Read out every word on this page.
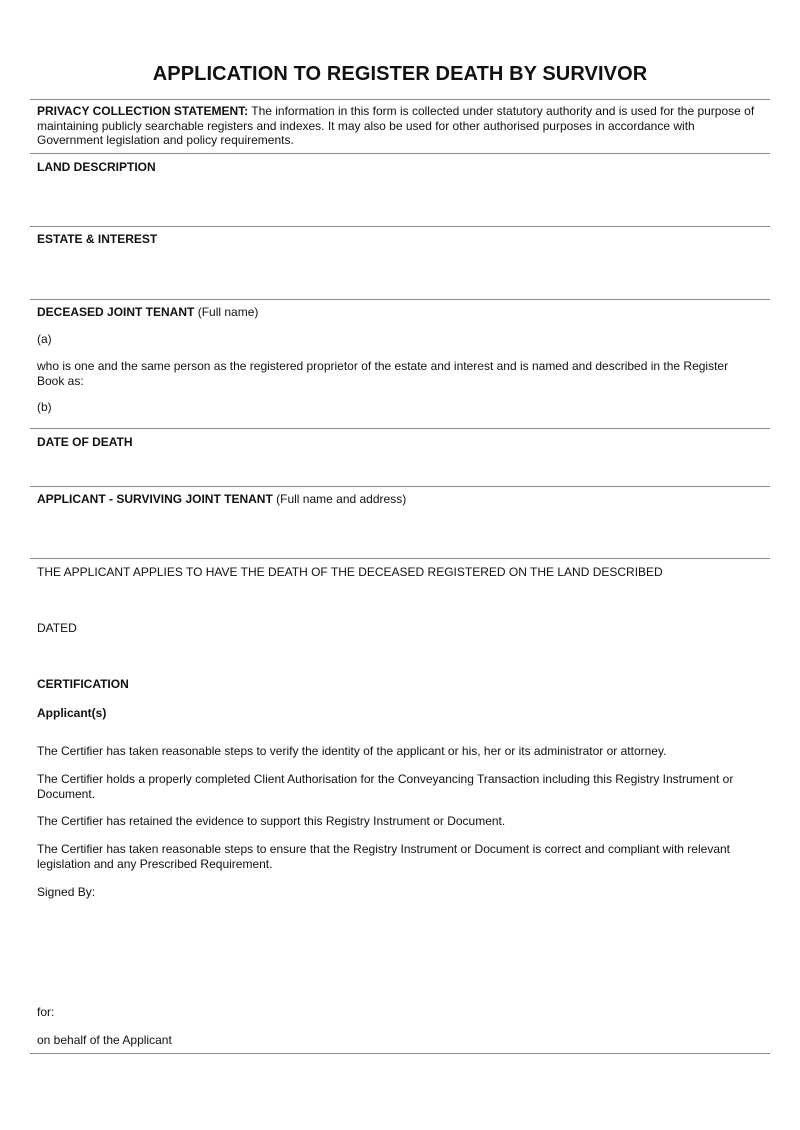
APPLICATION TO REGISTER DEATH BY SURVIVOR
PRIVACY COLLECTION STATEMENT: The information in this form is collected under statutory authority and is used for the purpose of maintaining publicly searchable registers and indexes. It may also be used for other authorised purposes in accordance with Government legislation and policy requirements.
LAND DESCRIPTION
ESTATE & INTEREST
DECEASED JOINT TENANT (Full name)
(a)
who is one and the same person as the registered proprietor of the estate and interest and is named and described in the Register Book as:
(b)
DATE OF DEATH
APPLICANT - SURVIVING JOINT TENANT (Full name and address)
THE APPLICANT APPLIES TO HAVE THE DEATH OF THE DECEASED REGISTERED ON THE LAND DESCRIBED
DATED
CERTIFICATION
Applicant(s)
The Certifier has taken reasonable steps to verify the identity of the applicant or his, her or its administrator or attorney.
The Certifier holds a properly completed Client Authorisation for the Conveyancing Transaction including this Registry Instrument or Document.
The Certifier has retained the evidence to support this Registry Instrument or Document.
The Certifier has taken reasonable steps to ensure that the Registry Instrument or Document is correct and compliant with relevant legislation and any Prescribed Requirement.
Signed By:
for:
on behalf of the Applicant
